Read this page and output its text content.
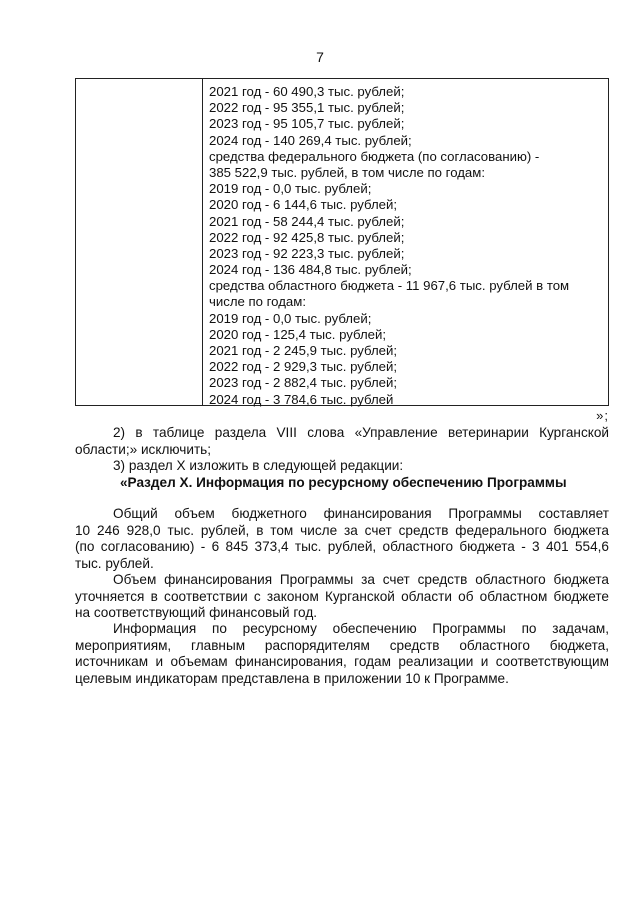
7
2021 год - 60 490,3 тыс. рублей;
2022 год - 95 355,1 тыс. рублей;
2023 год - 95 105,7 тыс. рублей;
2024 год - 140 269,4 тыс. рублей;
средства федерального бюджета (по согласованию) -
385 522,9 тыс. рублей, в том числе по годам:
2019 год - 0,0 тыс. рублей;
2020 год - 6 144,6 тыс. рублей;
2021 год - 58 244,4 тыс. рублей;
2022 год - 92 425,8 тыс. рублей;
2023 год - 92 223,3 тыс. рублей;
2024 год - 136 484,8 тыс. рублей;
средства областного бюджета - 11 967,6 тыс. рублей в том
числе по годам:
2019 год - 0,0 тыс. рублей;
2020 год - 125,4 тыс. рублей;
2021 год - 2 245,9 тыс. рублей;
2022 год - 2 929,3 тыс. рублей;
2023 год - 2 882,4 тыс. рублей;
2024 год - 3 784,6 тыс. рублей
»;
2) в таблице раздела VIII слова «Управление ветеринарии Курганской
области;» исключить;
3) раздел X изложить в следующей редакции:
«Раздел X. Информация по ресурсному обеспечению Программы
Общий объем бюджетного финансирования Программы составляет
10 246 928,0 тыс. рублей, в том числе за счет средств федерального бюджета
(по согласованию) - 6 845 373,4 тыс. рублей, областного бюджета - 3 401 554,6
тыс. рублей.
Объем финансирования Программы за счет средств областного бюджета
уточняется в соответствии с законом Курганской области об областном бюджете
на соответствующий финансовый год.
Информация по ресурсному обеспечению Программы по задачам,
мероприятиям, главным распорядителям средств областного бюджета,
источникам и объемам финансирования, годам реализации и соответствующим
целевым индикаторам представлена в приложении 10 к Программе.
